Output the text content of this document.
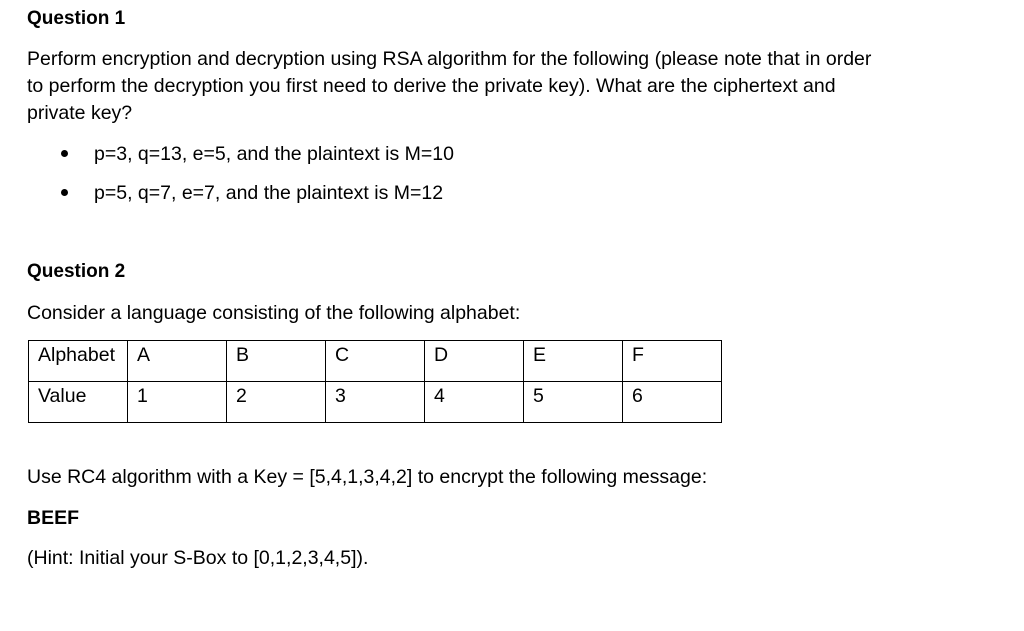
Question 1

Perform encryption and decryption using RSA algorithm for the following (please note that in order
to perform the decryption you first need to derive the private key). What are the ciphertext and
private key?

p=3, q=13, e=5, and the plaintext is M=10
p=5, q=7, e=7, and the plaintext is M=12
Question 2

Consider a language consisting of the following alphabet:

Alphabet	A	B	C	D	E	F
Value	1	2	3	4	5	6

Use RC4 algorithm with a Key = [5,4,1,3,4,2] to encrypt the following message:

BEEF

(Hint: Initial your S-Box to [0,1,2,3,4,5]).
